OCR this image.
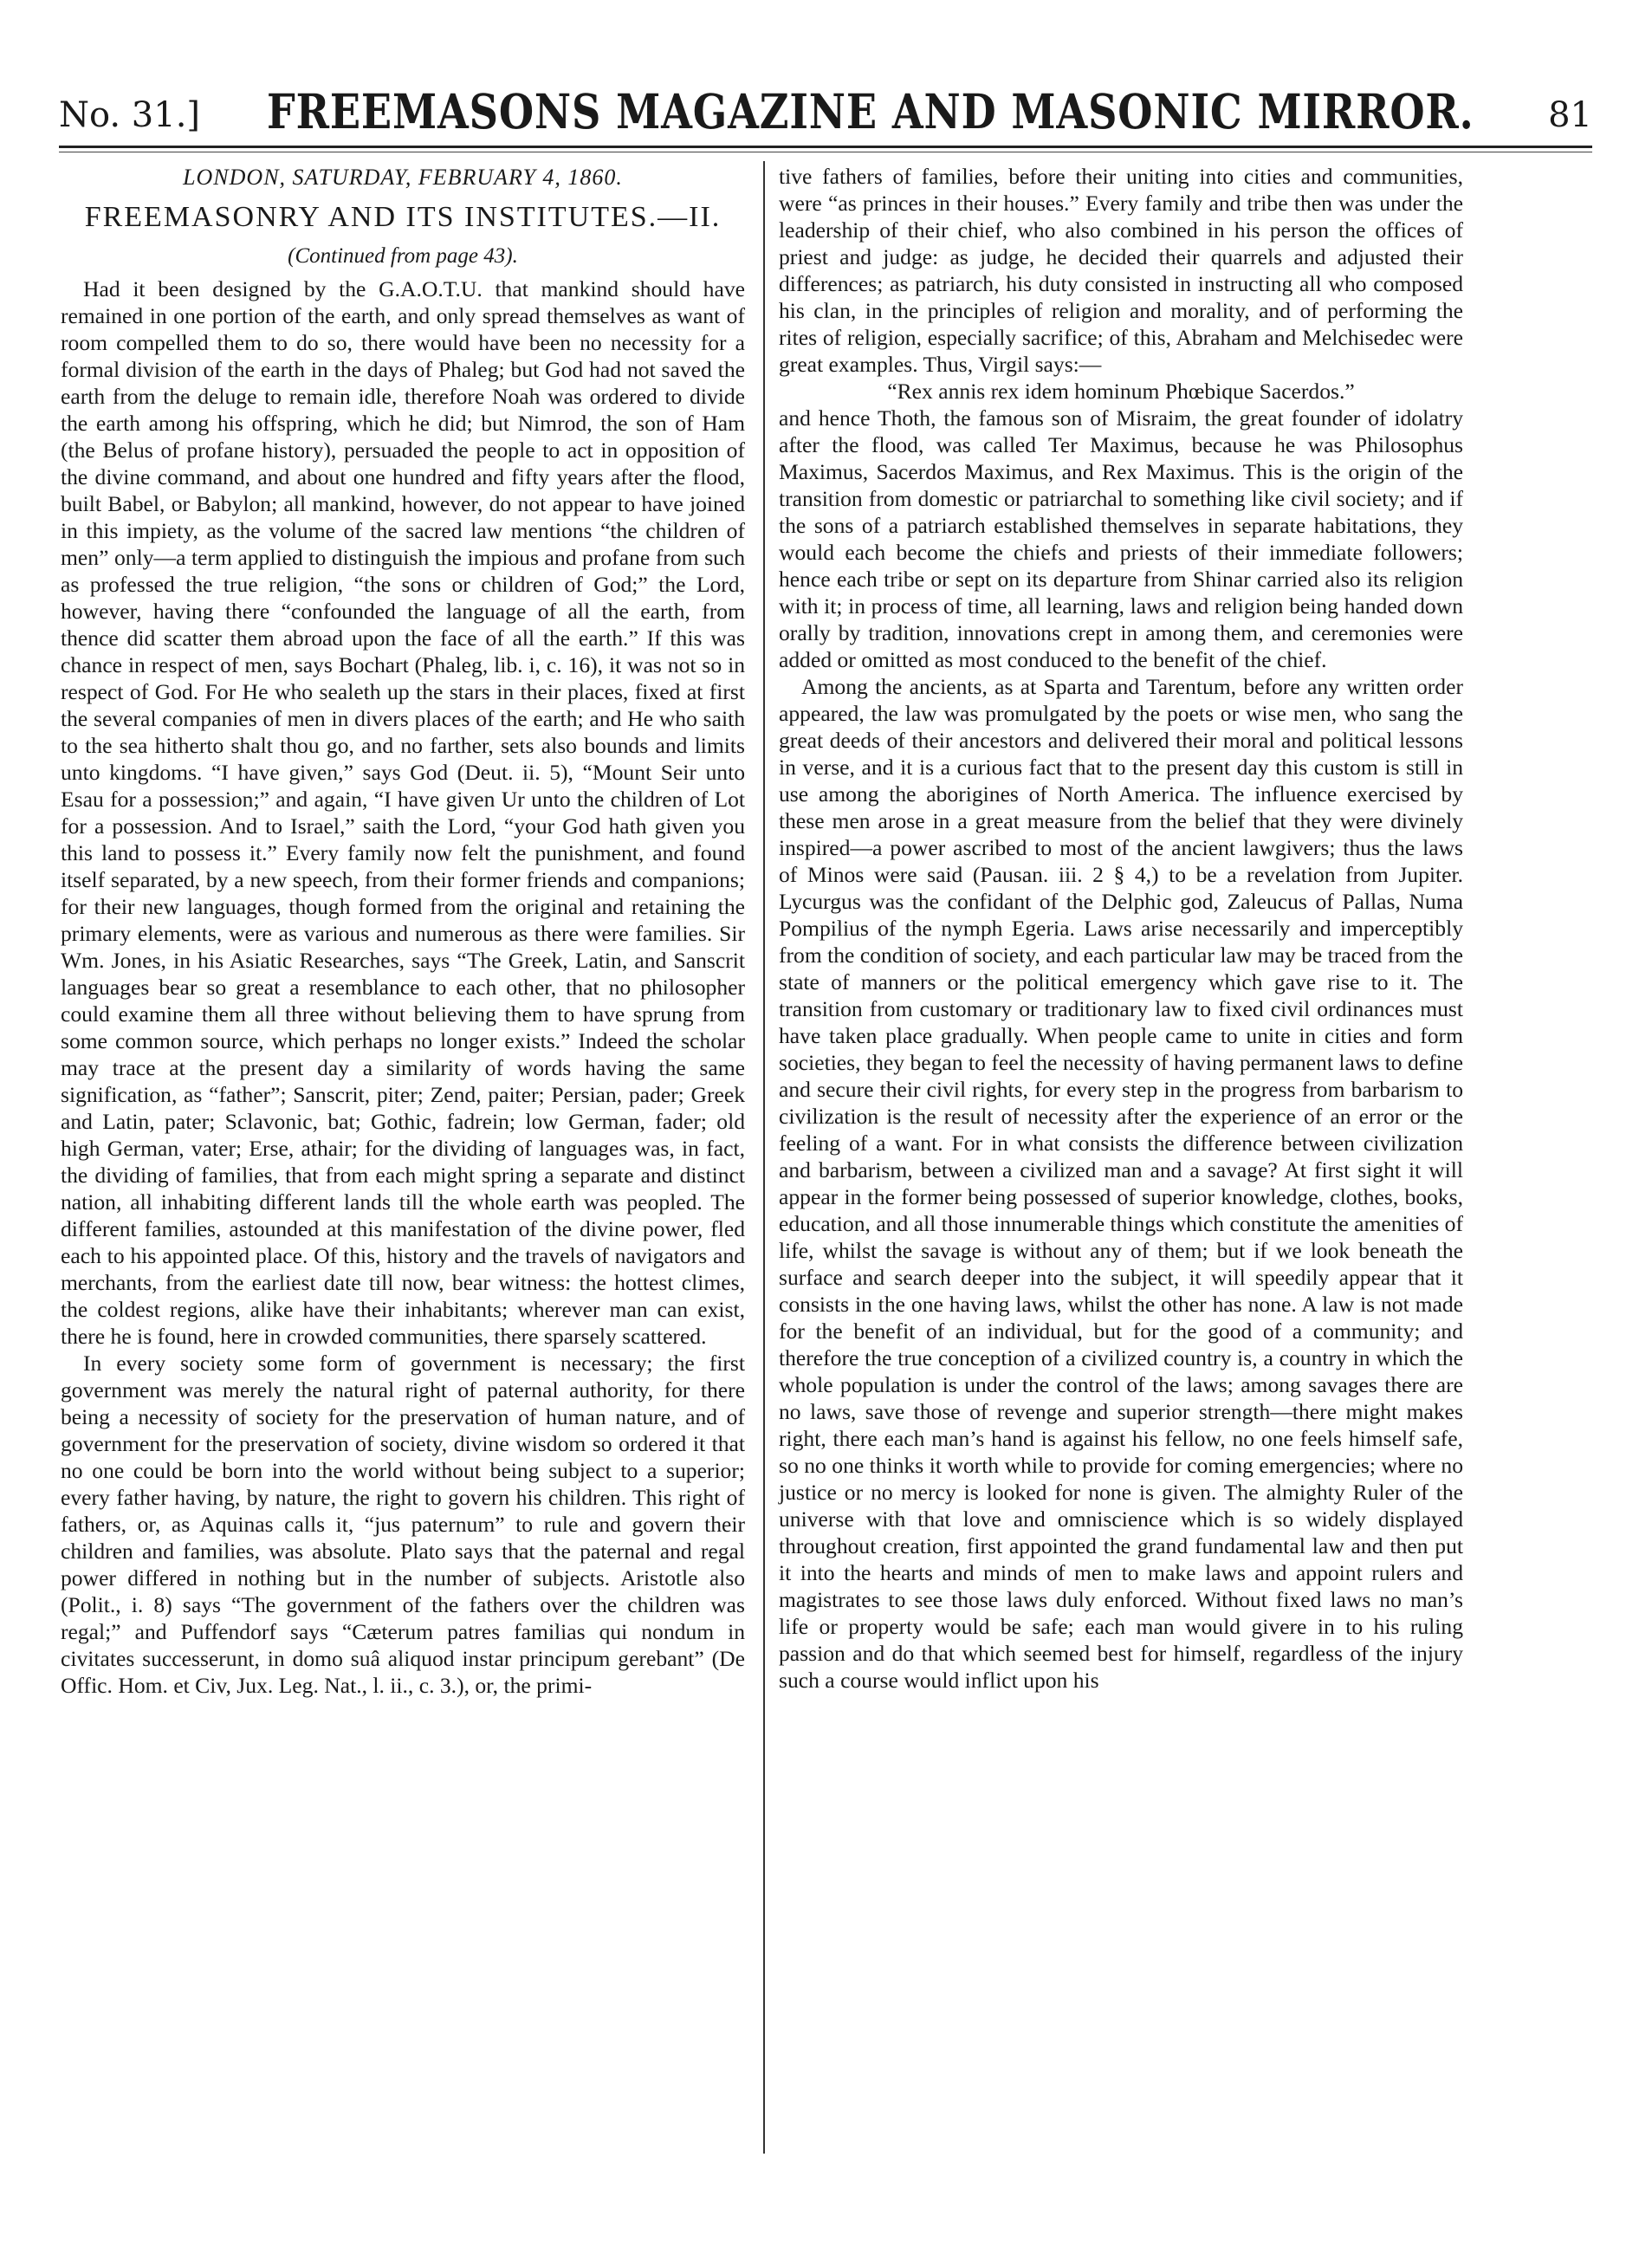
No. 31.] FREEMASONS MAGAZINE AND MASONIC MIRROR. 81
LONDON, SATURDAY, FEBRUARY 4, 1860.
FREEMASONRY AND ITS INSTITUTES.—II.
(Continued from page 43).

Had it been designed by the G.A.O.T.U. that mankind should have remained in one portion of the earth, and only spread themselves as want of room compelled them to do so, there would have been no necessity for a formal division of the earth in the days of Phaleg; but God had not saved the earth from the deluge to remain idle, therefore Noah was ordered to divide the earth among his offspring, which he did; but Nimrod, the son of Ham (the Belus of profane history), persuaded the people to act in opposition of the divine command, and about one hundred and fifty years after the flood, built Babel, or Babylon; all mankind, however, do not appear to have joined in this impiety, as the volume of the sacred law mentions “the children of men” only—a term applied to distinguish the impious and profane from such as professed the true religion, “the sons or children of God;” the Lord, however, having there “confounded the language of all the earth, from thence did scatter them abroad upon the face of all the earth.” If this was chance in respect of men, says Bochart (Phaleg, lib. i, c. 16), it was not so in respect of God. For He who sealeth up the stars in their places, fixed at first the several companies of men in divers places of the earth; and He who saith to the sea hitherto shalt thou go, and no farther, sets also bounds and limits unto kingdoms. “I have given,” says God (Deut. ii. 5), “Mount Seir unto Esau for a possession;” and again, “I have given Ur unto the children of Lot for a possession. And to Israel,” saith the Lord, “your God hath given you this land to possess it.” Every family now felt the punishment, and found itself separated, by a new speech, from their former friends and companions; for their new languages, though formed from the original and retaining the primary elements, were as various and numerous as there were families. Sir Wm. Jones, in his Asiatic Researches, says “The Greek, Latin, and Sanscrit languages bear so great a resemblance to each other, that no philosopher could examine them all three without believing them to have sprung from some common source, which perhaps no longer exists.” Indeed the scholar may trace at the present day a similarity of words having the same signification, as “father”; Sanscrit, piter; Zend, paiter; Persian, pader; Greek and Latin, pater; Sclavonic, bat; Gothic, fadrein; low German, fader; old high German, vater; Erse, athair; for the dividing of languages was, in fact, the dividing of families, that from each might spring a separate and distinct nation, all inhabiting different lands till the whole earth was peopled. The different families, astounded at this manifestation of the divine power, fled each to his appointed place. Of this, history and the travels of navigators and merchants, from the earliest date till now, bear witness: the hottest climes, the coldest regions, alike have their inhabitants; wherever man can exist, there he is found, here in crowded communities, there sparsely scattered.

In every society some form of government is necessary; the first government was merely the natural right of paternal authority, for there being a necessity of society for the preservation of human nature, and of government for the preservation of society, divine wisdom so ordered it that no one could be born into the world without being subject to a superior; every father having, by nature, the right to govern his children. This right of fathers, or, as Aquinas calls it, “jus paternum” to rule and govern their children and families, was absolute. Plato says that the paternal and regal power differed in nothing but in the number of subjects. Aristotle also (Polit., i. 8) says “The government of the fathers over the children was regal;” and Puffendorf says “Cæterum patres familias qui nondum in civitates successerunt, in domo suâ aliquod instar principum gerebant” (De Offic. Hom. et Civ, Jux. Leg. Nat., l. ii., c. 3.), or, the primi-

tive fathers of families, before their uniting into cities and communities, were “as princes in their houses.” Every family and tribe then was under the leadership of their chief, who also combined in his person the offices of priest and judge: as judge, he decided their quarrels and adjusted their differences; as patriarch, his duty consisted in instructing all who composed his clan, in the principles of religion and morality, and of performing the rites of religion, especially sacrifice; of this, Abraham and Melchisedec were great examples. Thus, Virgil says:—

“Rex annis rex idem hominum Phœbique Sacerdos.”

and hence Thoth, the famous son of Misraim, the great founder of idolatry after the flood, was called Ter Maximus, because he was Philosophus Maximus, Sacerdos Maximus, and Rex Maximus. This is the origin of the transition from domestic or patriarchal to something like civil society; and if the sons of a patriarch established themselves in separate habitations, they would each become the chiefs and priests of their immediate followers; hence each tribe or sept on its departure from Shinar carried also its religion with it; in process of time, all learning, laws and religion being handed down orally by tradition, innovations crept in among them, and ceremonies were added or omitted as most conduced to the benefit of the chief.

Among the ancients, as at Sparta and Tarentum, before any written order appeared, the law was promulgated by the poets or wise men, who sang the great deeds of their ancestors and delivered their moral and political lessons in verse, and it is a curious fact that to the present day this custom is still in use among the aborigines of North America. The influence exercised by these men arose in a great measure from the belief that they were divinely inspired—a power ascribed to most of the ancient lawgivers; thus the laws of Minos were said (Pausan. iii. 2 § 4,) to be a revelation from Jupiter. Lycurgus was the confidant of the Delphic god, Zaleucus of Pallas, Numa Pompilius of the nymph Egeria. Laws arise necessarily and imperceptibly from the condition of society, and each particular law may be traced from the state of manners or the political emergency which gave rise to it. The transition from customary or traditionary law to fixed civil ordinances must have taken place gradually. When people came to unite in cities and form societies, they began to feel the necessity of having permanent laws to define and secure their civil rights, for every step in the progress from barbarism to civilization is the result of necessity after the experience of an error or the feeling of a want. For in what consists the difference between civilization and barbarism, between a civilized man and a savage? At first sight it will appear in the former being possessed of superior knowledge, clothes, books, education, and all those innumerable things which constitute the amenities of life, whilst the savage is without any of them; but if we look beneath the surface and search deeper into the subject, it will speedily appear that it consists in the one having laws, whilst the other has none. A law is not made for the benefit of an individual, but for the good of a community; and therefore the true conception of a civilized country is, a country in which the whole population is under the control of the laws; among savages there are no laws, save those of revenge and superior strength—there might makes right, there each man’s hand is against his fellow, no one feels himself safe, so no one thinks it worth while to provide for coming emergencies; where no justice or no mercy is looked for none is given. The almighty Ruler of the universe with that love and omniscience which is so widely displayed throughout creation, first appointed the grand fundamental law and then put it into the hearts and minds of men to make laws and appoint rulers and magistrates to see those laws duly enforced. Without fixed laws no man’s life or property would be safe; each man would givere in to his ruling passion and do that which seemed best for himself, regardless of the injury such a course would inflict upon his
